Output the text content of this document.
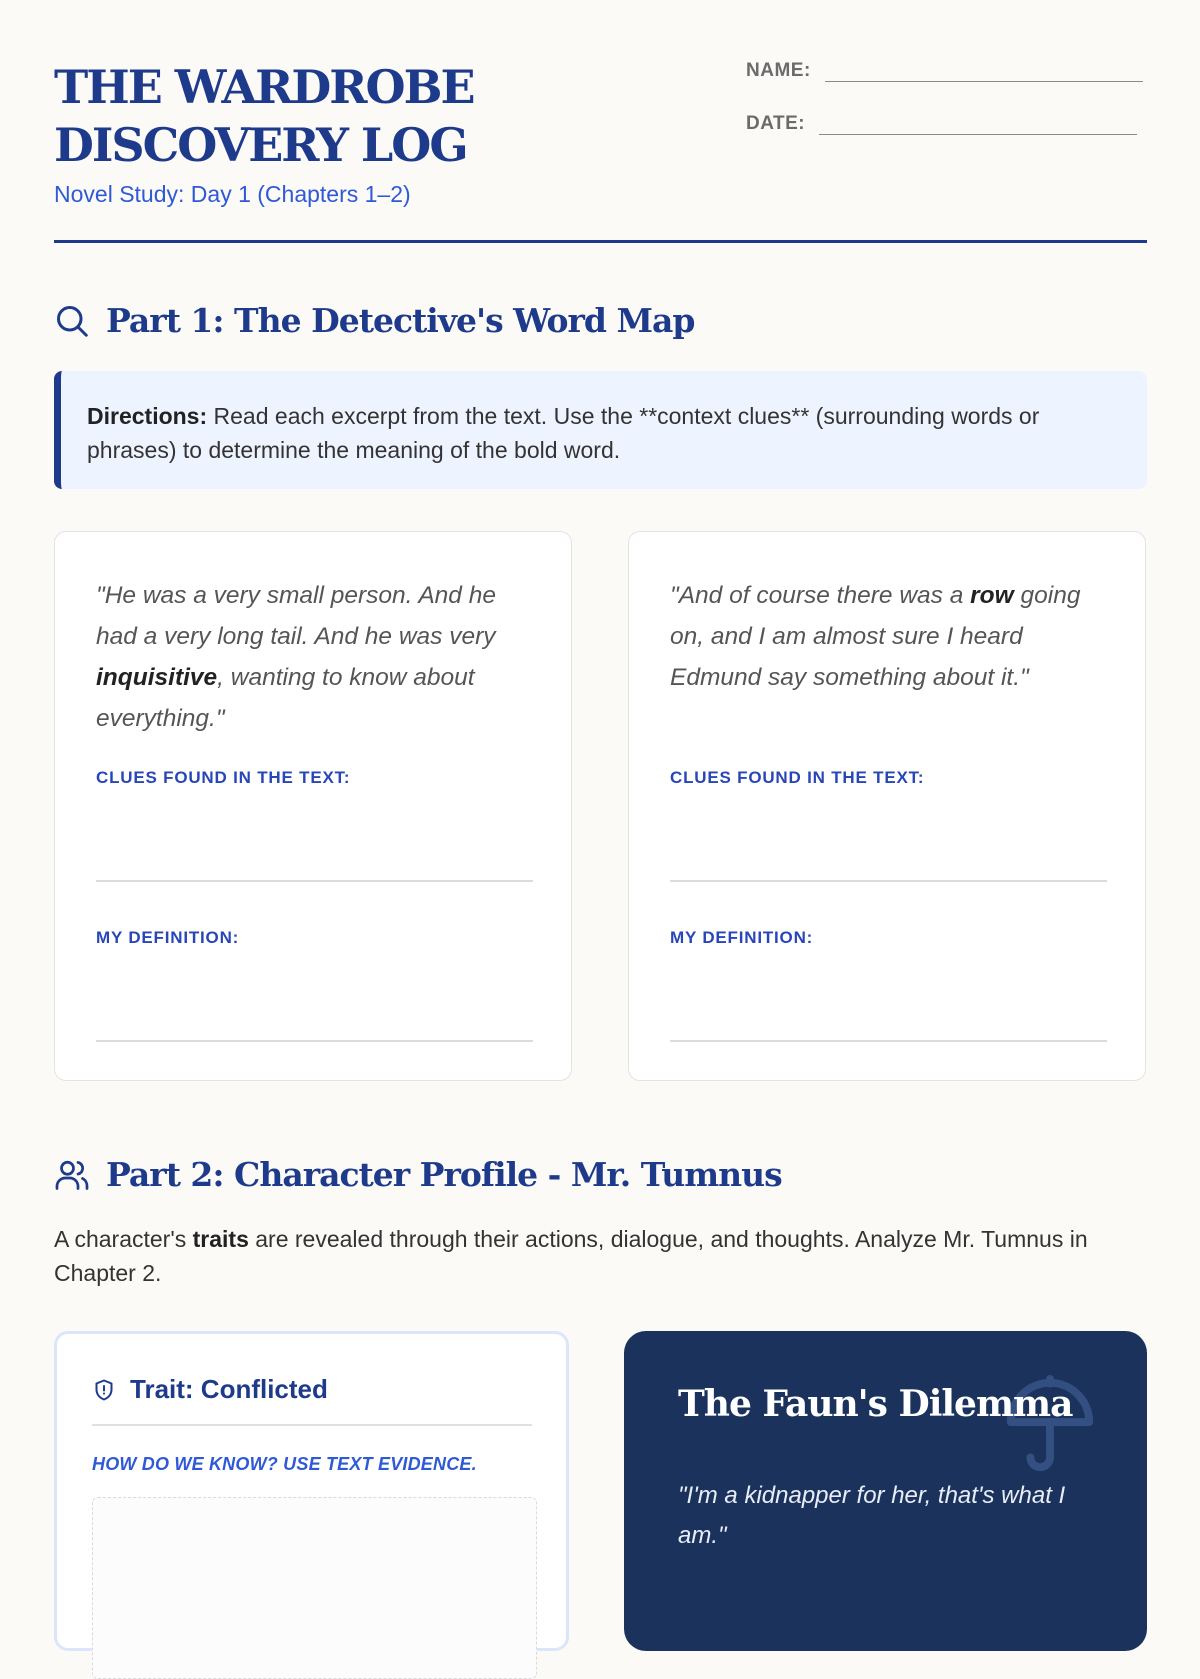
THE WARDROBE DISCOVERY LOG
Novel Study: Day 1 (Chapters 1–2)
NAME:
DATE:
Part 1: The Detective's Word Map
Directions: Read each excerpt from the text. Use the **context clues** (surrounding words or phrases) to determine the meaning of the bold word.
"He was a very small person. And he had a very long tail. And he was very inquisitive, wanting to know about everything."
CLUES FOUND IN THE TEXT:
MY DEFINITION:
"And of course there was a row going on, and I am almost sure I heard Edmund say something about it."
CLUES FOUND IN THE TEXT:
MY DEFINITION:
Part 2: Character Profile - Mr. Tumnus
A character's traits are revealed through their actions, dialogue, and thoughts. Analyze Mr. Tumnus in Chapter 2.
Trait: Conflicted
HOW DO WE KNOW? USE TEXT EVIDENCE.
The Faun's Dilemma
"I'm a kidnapper for her, that's what I am."
